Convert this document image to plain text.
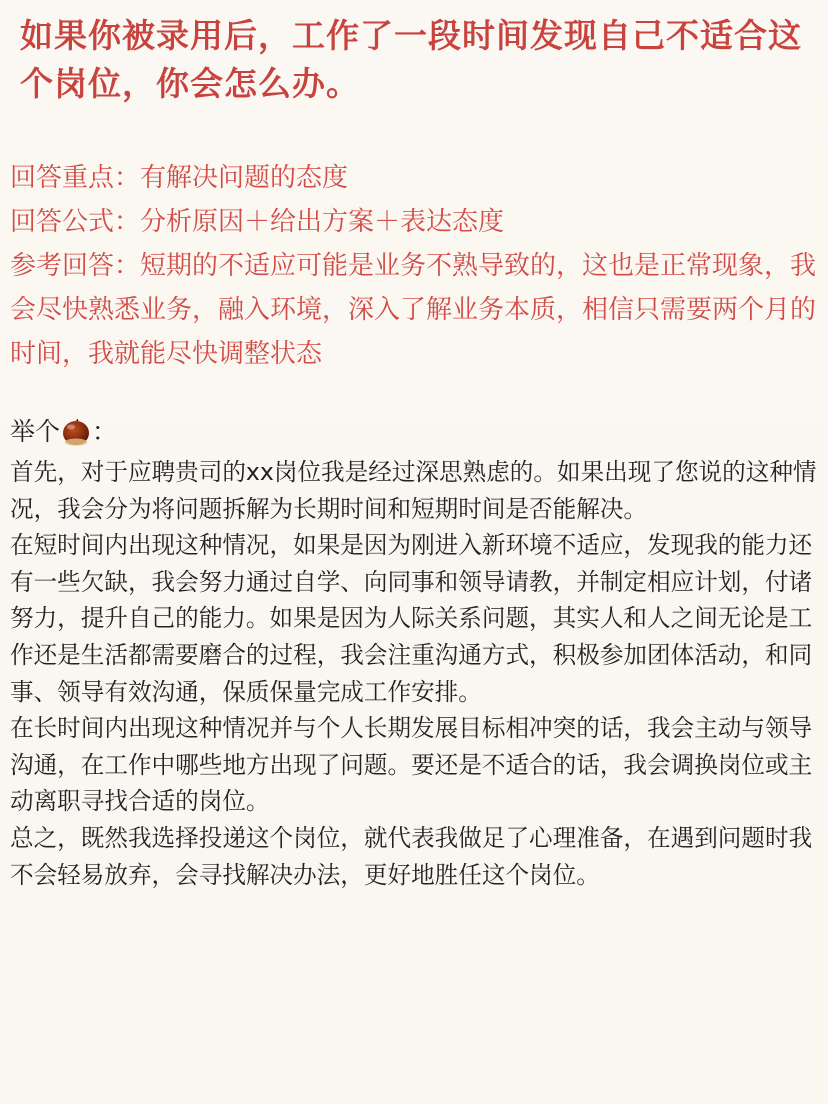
如果你被录用后，工作了一段时间发现自己不适合这
个岗位，你会怎么办。

回答重点：有解决问题的态度

回答公式：分析原因＋给出方案＋表达态度

参考回答：短期的不适应可能是业务不熟导致的，这也是正常现象，我会尽快熟悉业务，融入环境，深入了解业务本质，相信只需要两个月的时间，我就能尽快调整状态

举个 ：

首先，对于应聘贵司的xx岗位我是经过深思熟虑的。如果出现了您说的这种情况，我会分为将问题拆解为长期时间和短期时间是否能解决。

在短时间内出现这种情况，如果是因为刚进入新环境不适应，发现我的能力还有一些欠缺，我会努力通过自学、向同事和领导请教，并制定相应计划，付诸努力，提升自己的能力。如果是因为人际关系问题，其实人和人之间无论是工作还是生活都需要磨合的过程，我会注重沟通方式，积极参加团体活动，和同事、领导有效沟通，保质保量完成工作安排。

在长时间内出现这种情况并与个人长期发展目标相冲突的话，我会主动与领导沟通，在工作中哪些地方出现了问题。要还是不适合的话，我会调换岗位或主动离职寻找合适的岗位。

总之，既然我选择投递这个岗位，就代表我做足了心理准备，在遇到问题时我不会轻易放弃，会寻找解决办法，更好地胜任这个岗位。
